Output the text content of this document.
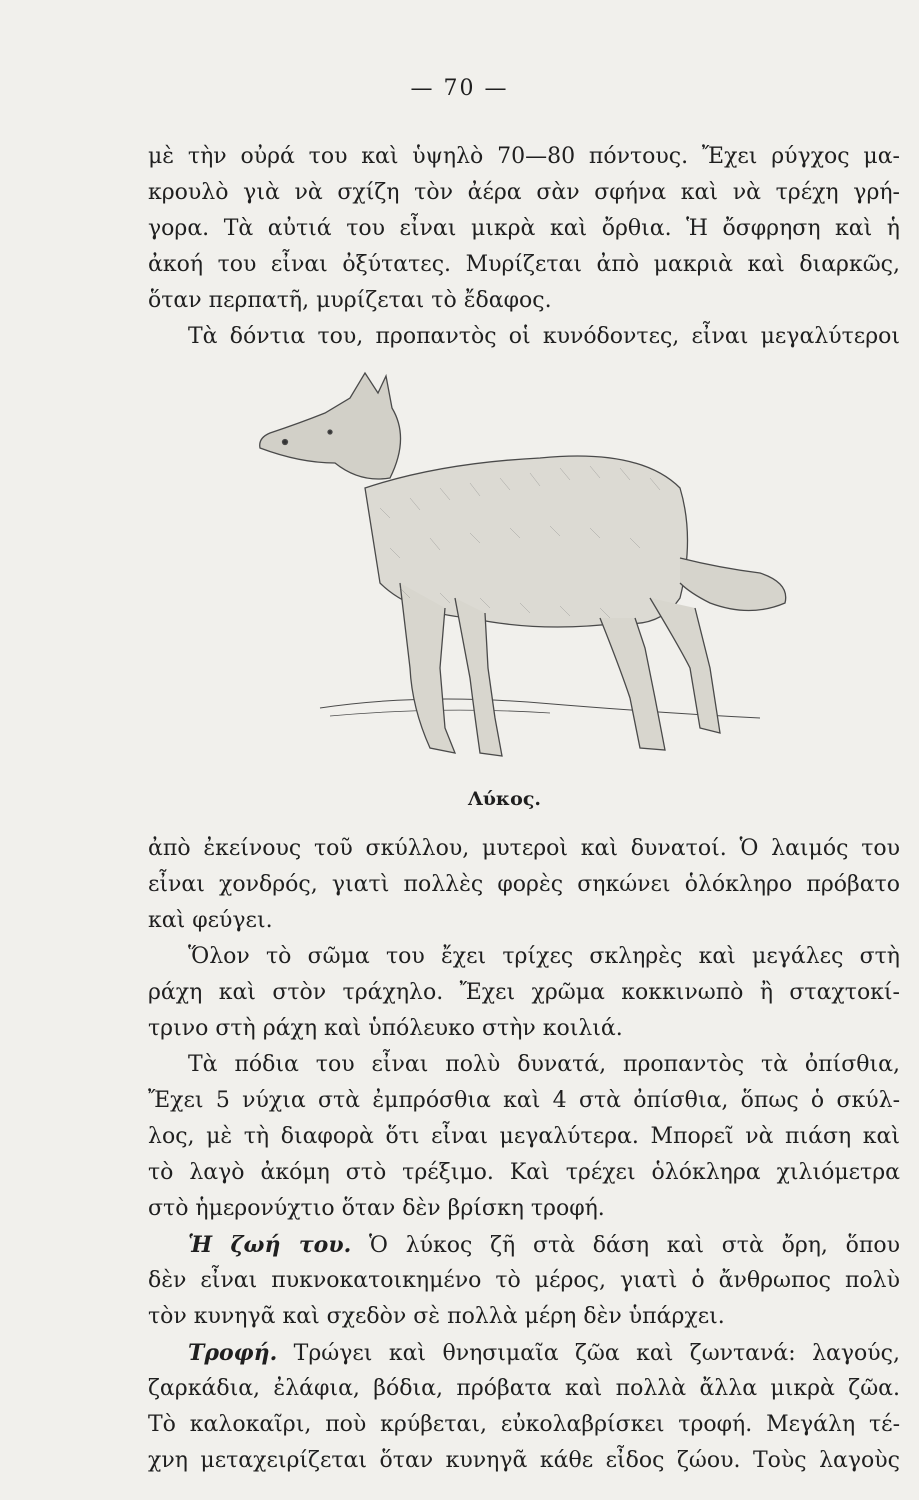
— 70 —
μὲ τὴν οὐρά του καὶ ὑψηλὸ 70—80 πόντους. Ἔχει ρύγχος μα-
κρουλὸ γιὰ νὰ σχίζη τὸν ἀέρα σὰν σφήνα καὶ νὰ τρέχη γρή-
γορα. Τὰ αὐτιά του εἶναι μικρὰ καὶ ὄρθια. Ἡ ὄσφρηση καὶ ἡ
ἀκοή του εἶναι ὀξύτατες. Μυρίζεται ἀπὸ μακριὰ καὶ διαρκῶς,
ὅταν περπατῆ, μυρίζεται τὸ ἔδαφος.
Τὰ δόντια του, προπαντὸς οἱ κυνόδοντες, εἶναι μεγαλύτεροι
Λύκος.
ἀπὸ ἐκείνους τοῦ σκύλλου, μυτεροὶ καὶ δυνατοί. Ὁ λαιμός του
εἶναι χονδρός, γιατὶ πολλὲς φορὲς σηκώνει ὁλόκληρο πρόβατο
καὶ φεύγει.
Ὅλον τὸ σῶμα του ἔχει τρίχες σκληρὲς καὶ μεγάλες στὴ
ράχη καὶ στὸν τράχηλο. Ἔχει χρῶμα κοκκινωπὸ ἢ σταχτοκί-
τρινο στὴ ράχη καὶ ὑπόλευκο στὴν κοιλιά.
Τὰ πόδια του εἶναι πολὺ δυνατά, προπαντὸς τὰ ὀπίσθια,
Ἔχει 5 νύχια στὰ ἐμπρόσθια καὶ 4 στὰ ὀπίσθια, ὅπως ὁ σκύλ-
λος, μὲ τὴ διαφορὰ ὅτι εἶναι μεγαλύτερα. Μπορεῖ νὰ πιάση καὶ
τὸ λαγὸ ἀκόμη στὸ τρέξιμο. Καὶ τρέχει ὁλόκληρα χιλιόμετρα
στὸ ἡμερονύχτιο ὅταν δὲν βρίσκη τροφή.
Ἡ ζωή του. Ὁ λύκος ζῆ στὰ δάση καὶ στὰ ὄρη, ὅπου
δὲν εἶναι πυκνοκατοικημένο τὸ μέρος, γιατὶ ὁ ἄνθρωπος πολὺ
τὸν κυνηγᾶ καὶ σχεδὸν σὲ πολλὰ μέρη δὲν ὑπάρχει.
Τροφή. Τρώγει καὶ θνησιμαῖα ζῶα καὶ ζωντανά: λαγούς,
ζαρκάδια, ἐλάφια, βόδια, πρόβατα καὶ πολλὰ ἄλλα μικρὰ ζῶα.
Τὸ καλοκαῖρι, ποὺ κρύβεται, εὐκολαβρίσκει τροφή. Μεγάλη τέ-
χνη μεταχειρίζεται ὅταν κυνηγᾶ κάθε εἶδος ζώου. Τοὺς λαγοὺς
